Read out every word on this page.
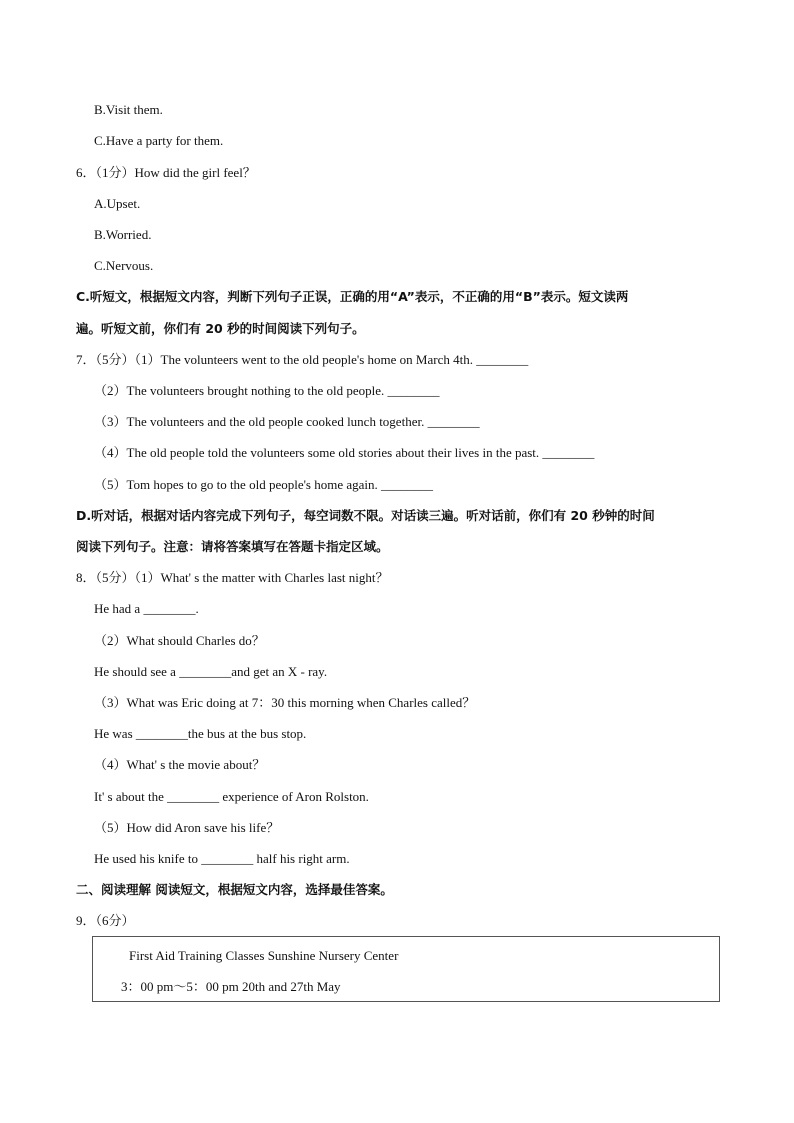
B.Visit them.
C.Have a party for them.
6．（1分）How did the girl feel？
A.Upset.
B.Worried.
C.Nervous.
C.听短文，根据短文内容，判断下列句子正误，正确的用“A”表示，不正确的用“B”表示。短文读两
遍。听短文前，你们有 20 秒的时间阅读下列句子。
7．（5分）（1）The volunteers went to the old people's home on March 4th. ________
（2）The volunteers brought nothing to the old people. ________
（3）The volunteers and the old people cooked lunch together. ________
（4）The old people told the volunteers some old stories about their lives in the past. ________
（5）Tom hopes to go to the old people's home again. ________
D.听对话，根据对话内容完成下列句子，每空词数不限。对话读三遍。听对话前，你们有 20 秒钟的时间
阅读下列句子。注意：请将答案填写在答题卡指定区域。
8．（5分）（1）What' s the matter with Charles last night？
He had a ________.
（2）What should Charles do？
He should see a ________and get an X - ray.
（3）What was Eric doing at 7：30 this morning when Charles called？
He was ________the bus at the bus stop.
（4）What' s the movie about？
It' s about the ________ experience of Aron Rolston.
（5）How did Aron save his life？
He used his knife to ________ half his right arm.
二、阅读理解 阅读短文，根据短文内容，选择最佳答案。
9．（6分）
First Aid Training Classes Sunshine Nursery Center
3：00 pm～5：00 pm 20th and 27th May
